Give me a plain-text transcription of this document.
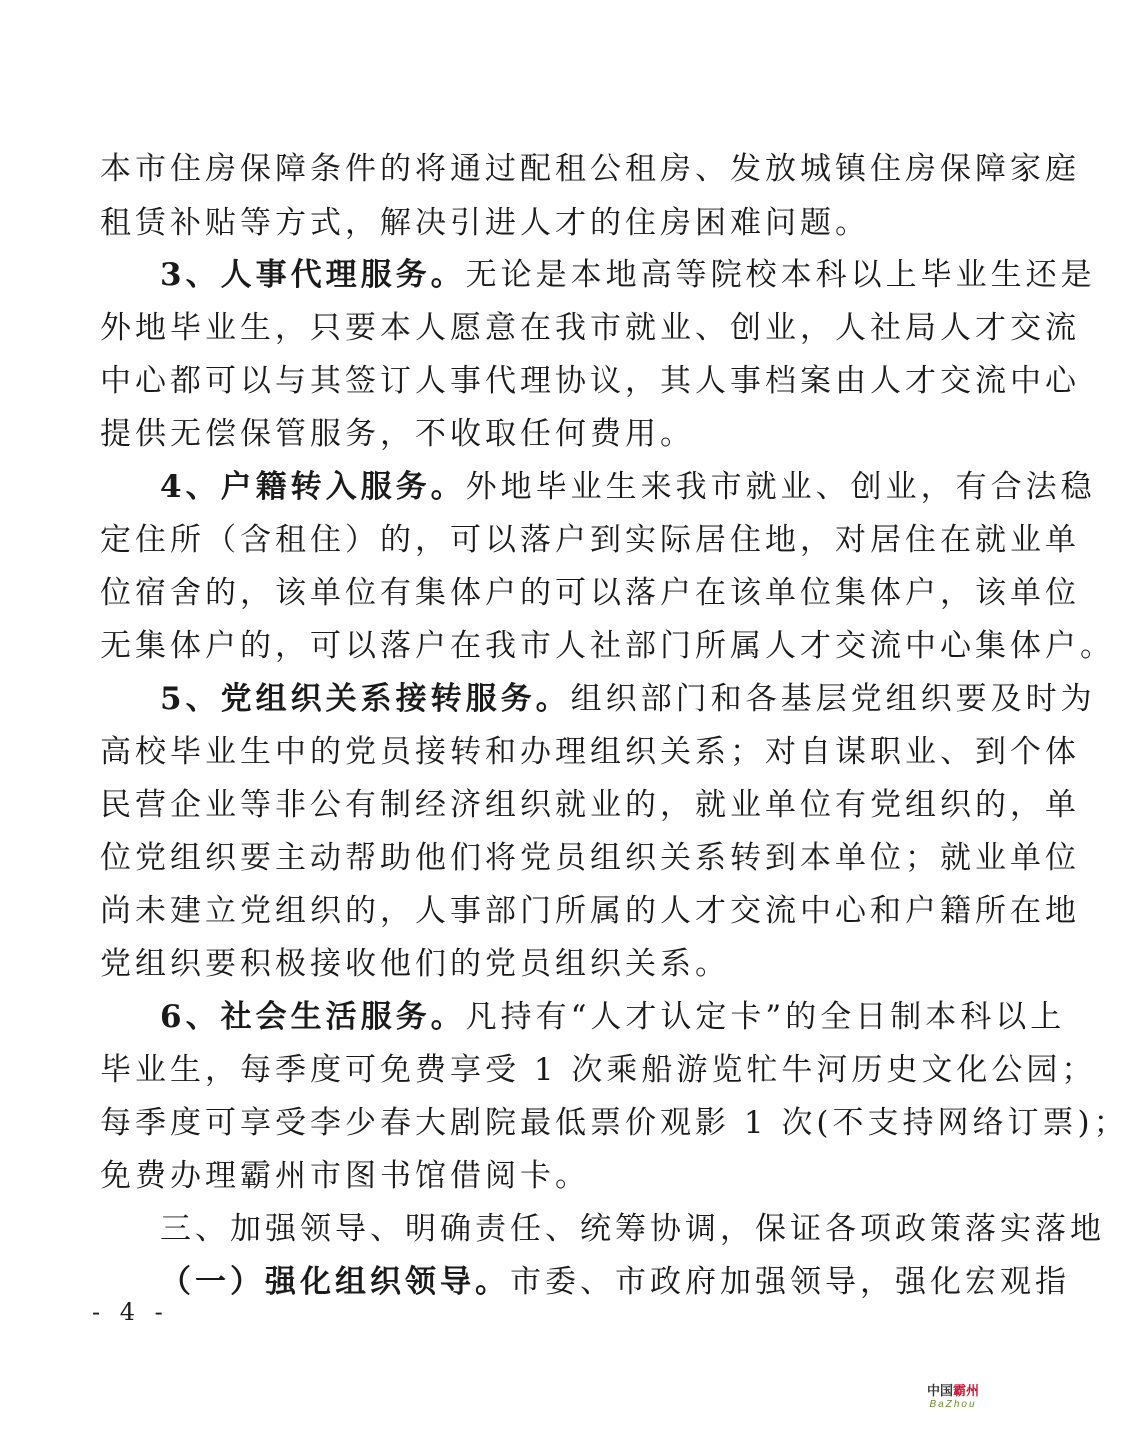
本市住房保障条件的将通过配租公租房、发放城镇住房保障家庭
租赁补贴等方式，解决引进人才的住房困难问题。
3、人事代理服务。无论是本地高等院校本科以上毕业生还是
外地毕业生，只要本人愿意在我市就业、创业，人社局人才交流
中心都可以与其签订人事代理协议，其人事档案由人才交流中心
提供无偿保管服务，不收取任何费用。
4、户籍转入服务。外地毕业生来我市就业、创业，有合法稳
定住所（含租住）的，可以落户到实际居住地，对居住在就业单
位宿舍的，该单位有集体户的可以落户在该单位集体户，该单位
无集体户的，可以落户在我市人社部门所属人才交流中心集体户。
5、党组织关系接转服务。组织部门和各基层党组织要及时为
高校毕业生中的党员接转和办理组织关系；对自谋职业、到个体
民营企业等非公有制经济组织就业的，就业单位有党组织的，单
位党组织要主动帮助他们将党员组织关系转到本单位；就业单位
尚未建立党组织的，人事部门所属的人才交流中心和户籍所在地
党组织要积极接收他们的党员组织关系。
6、社会生活服务。凡持有“人才认定卡”的全日制本科以上
毕业生，每季度可免费享受 1 次乘船游览牤牛河历史文化公园；
每季度可享受李少春大剧院最低票价观影 1 次(不支持网络订票)；
免费办理霸州市图书馆借阅卡。
三、加强领导、明确责任、统筹协调，保证各项政策落实落地
（一）强化组织领导。市委、市政府加强领导，强化宏观指
- 4 -
中国霸州
BaZhou
